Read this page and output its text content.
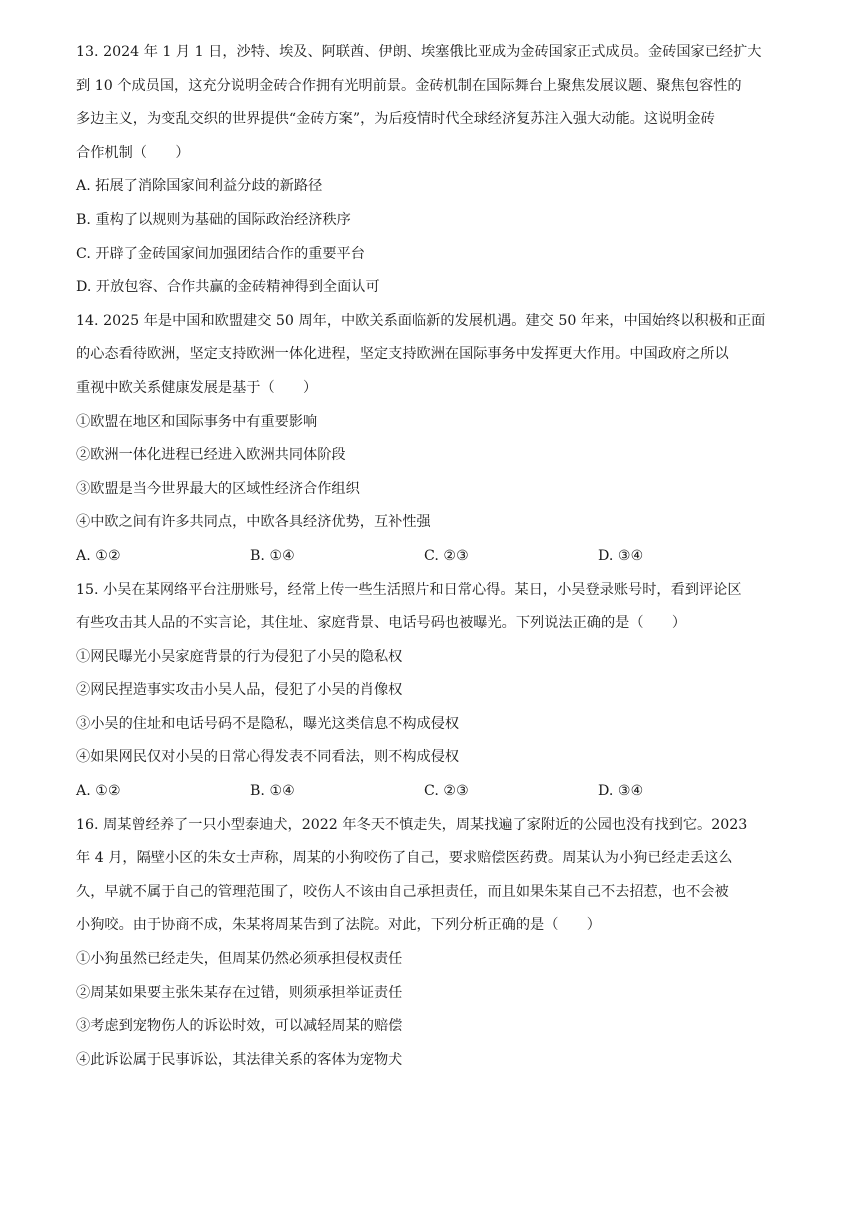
13. 2024 年 1 月 1 日，沙特、埃及、阿联酋、伊朗、埃塞俄比亚成为金砖国家正式成员。金砖国家已经扩大

到 10 个成员国，这充分说明金砖合作拥有光明前景。金砖机制在国际舞台上聚焦发展议题、聚焦包容性的

多边主义，为变乱交织的世界提供“金砖方案”，为后疫情时代全球经济复苏注入强大动能。这说明金砖

合作机制（　　）

A. 拓展了消除国家间利益分歧的新路径

B. 重构了以规则为基础的国际政治经济秩序

C. 开辟了金砖国家间加强团结合作的重要平台

D. 开放包容、合作共赢的金砖精神得到全面认可

14. 2025 年是中国和欧盟建交 50 周年，中欧关系面临新的发展机遇。建交 50 年来，中国始终以积极和正面

的心态看待欧洲，坚定支持欧洲一体化进程，坚定支持欧洲在国际事务中发挥更大作用。中国政府之所以

重视中欧关系健康发展是基于（　　）

①欧盟在地区和国际事务中有重要影响

②欧洲一体化进程已经进入欧洲共同体阶段

③欧盟是当今世界最大的区域性经济合作组织

④中欧之间有许多共同点，中欧各具经济优势，互补性强

A. ①②	B. ①④	C. ②③	D. ③④

15. 小吴在某网络平台注册账号，经常上传一些生活照片和日常心得。某日，小吴登录账号时，看到评论区

有些攻击其人品的不实言论，其住址、家庭背景、电话号码也被曝光。下列说法正确的是（　　）

①网民曝光小吴家庭背景的行为侵犯了小吴的隐私权

②网民捏造事实攻击小吴人品，侵犯了小吴的肖像权

③小吴的住址和电话号码不是隐私，曝光这类信息不构成侵权

④如果网民仅对小吴的日常心得发表不同看法，则不构成侵权

A. ①②	B. ①④	C. ②③	D. ③④

16. 周某曾经养了一只小型泰迪犬，2022 年冬天不慎走失，周某找遍了家附近的公园也没有找到它。2023

年 4 月，隔壁小区的朱女士声称，周某的小狗咬伤了自己，要求赔偿医药费。周某认为小狗已经走丢这么

久，早就不属于自己的管理范围了，咬伤人不该由自己承担责任，而且如果朱某自己不去招惹，也不会被

小狗咬。由于协商不成，朱某将周某告到了法院。对此，下列分析正确的是（　　）

①小狗虽然已经走失，但周某仍然必须承担侵权责任

②周某如果要主张朱某存在过错，则须承担举证责任

③考虑到宠物伤人的诉讼时效，可以减轻周某的赔偿

④此诉讼属于民事诉讼，其法律关系的客体为宠物犬
